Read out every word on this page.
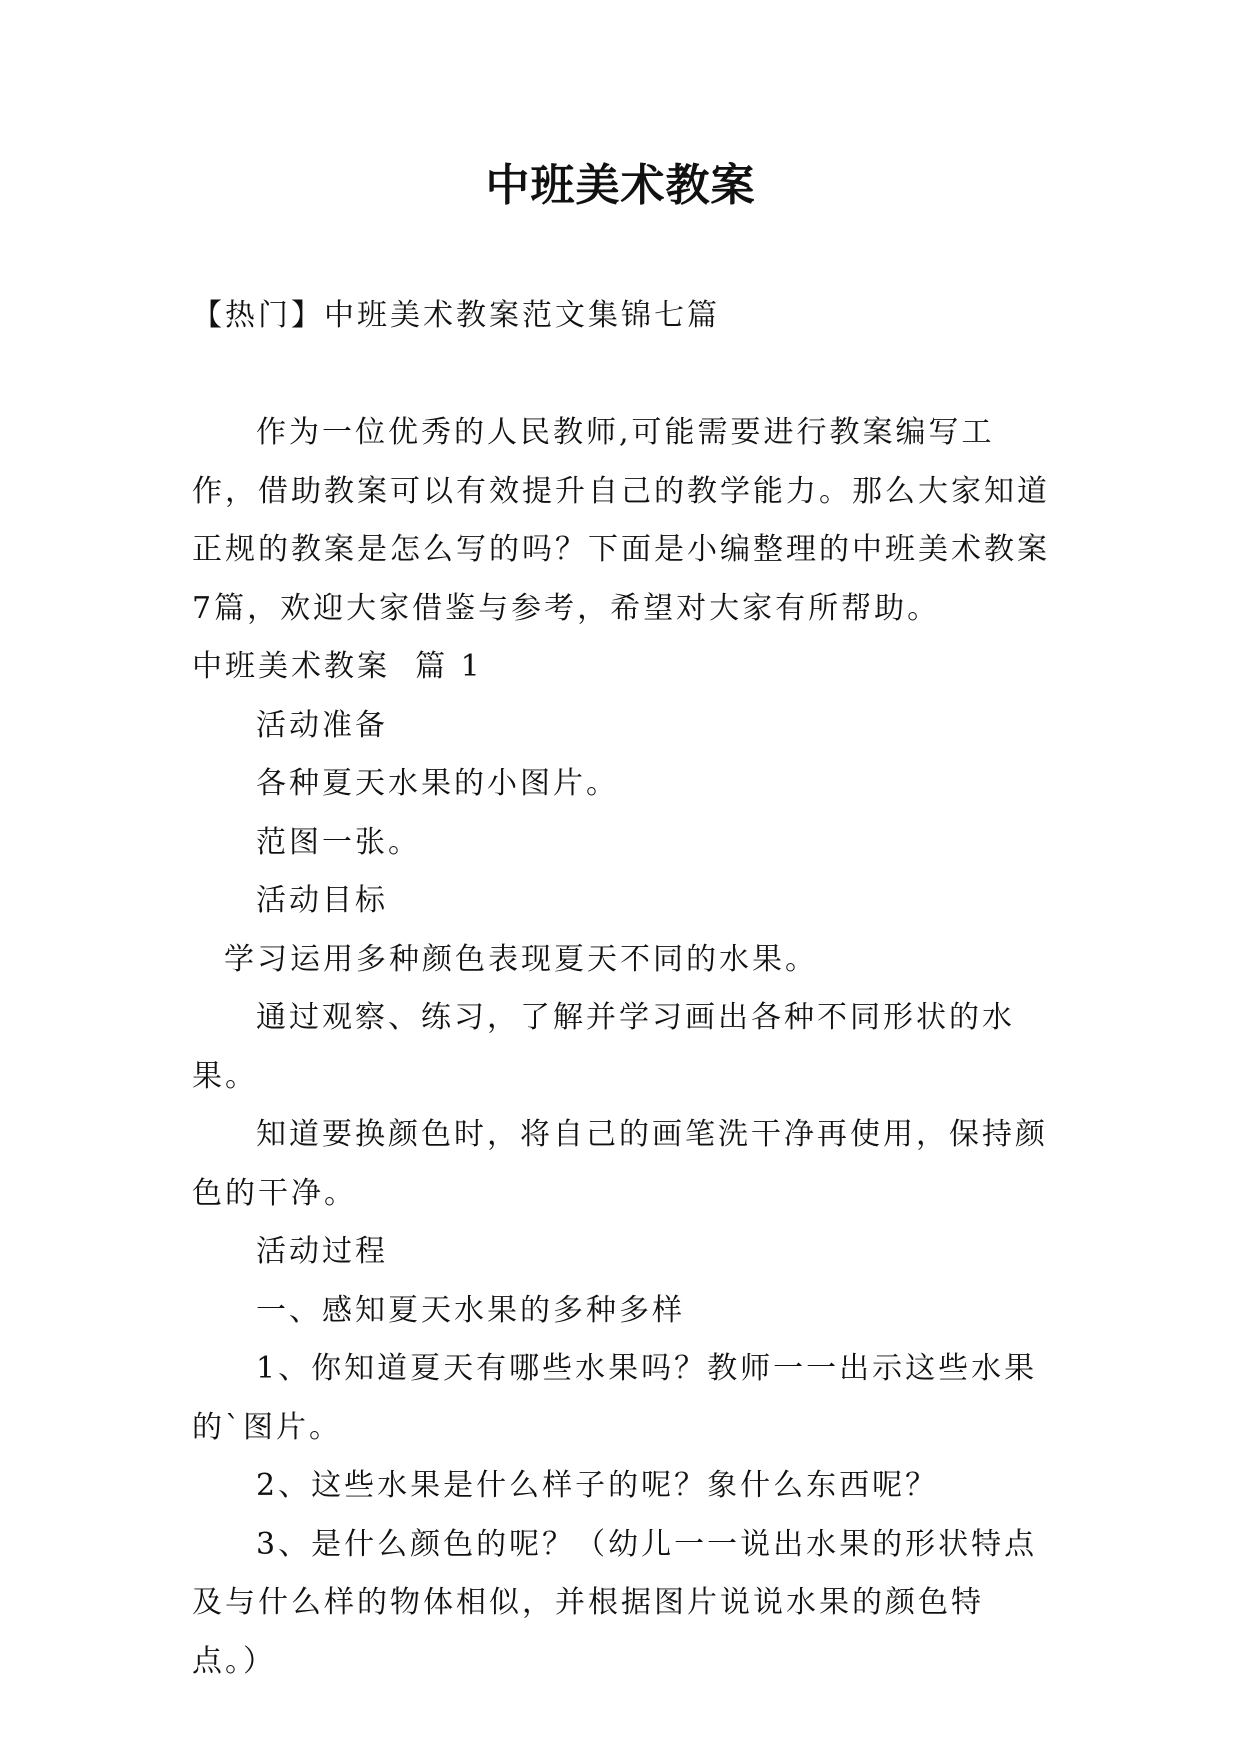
中班美术教案

【热门】中班美术教案范文集锦七篇

作为一位优秀的人民教师,可能需要进行教案编写工作，借助教案可以有效提升自己的教学能力。那么大家知道正规的教案是怎么写的吗？下面是小编整理的中班美术教案7篇，欢迎大家借鉴与参考，希望对大家有所帮助。

中班美术教案  篇 1

活动准备

各种夏天水果的小图片。

范图一张。

活动目标

学习运用多种颜色表现夏天不同的水果。

通过观察、练习，了解并学习画出各种不同形状的水果。

知道要换颜色时，将自己的画笔洗干净再使用，保持颜色的干净。

活动过程

一、感知夏天水果的多种多样

1、你知道夏天有哪些水果吗？教师一一出示这些水果的`图片。

2、这些水果是什么样子的呢？象什么东西呢？

3、是什么颜色的呢？（幼儿一一说出水果的形状特点及与什么样的物体相似，并根据图片说说水果的颜色特点。）
